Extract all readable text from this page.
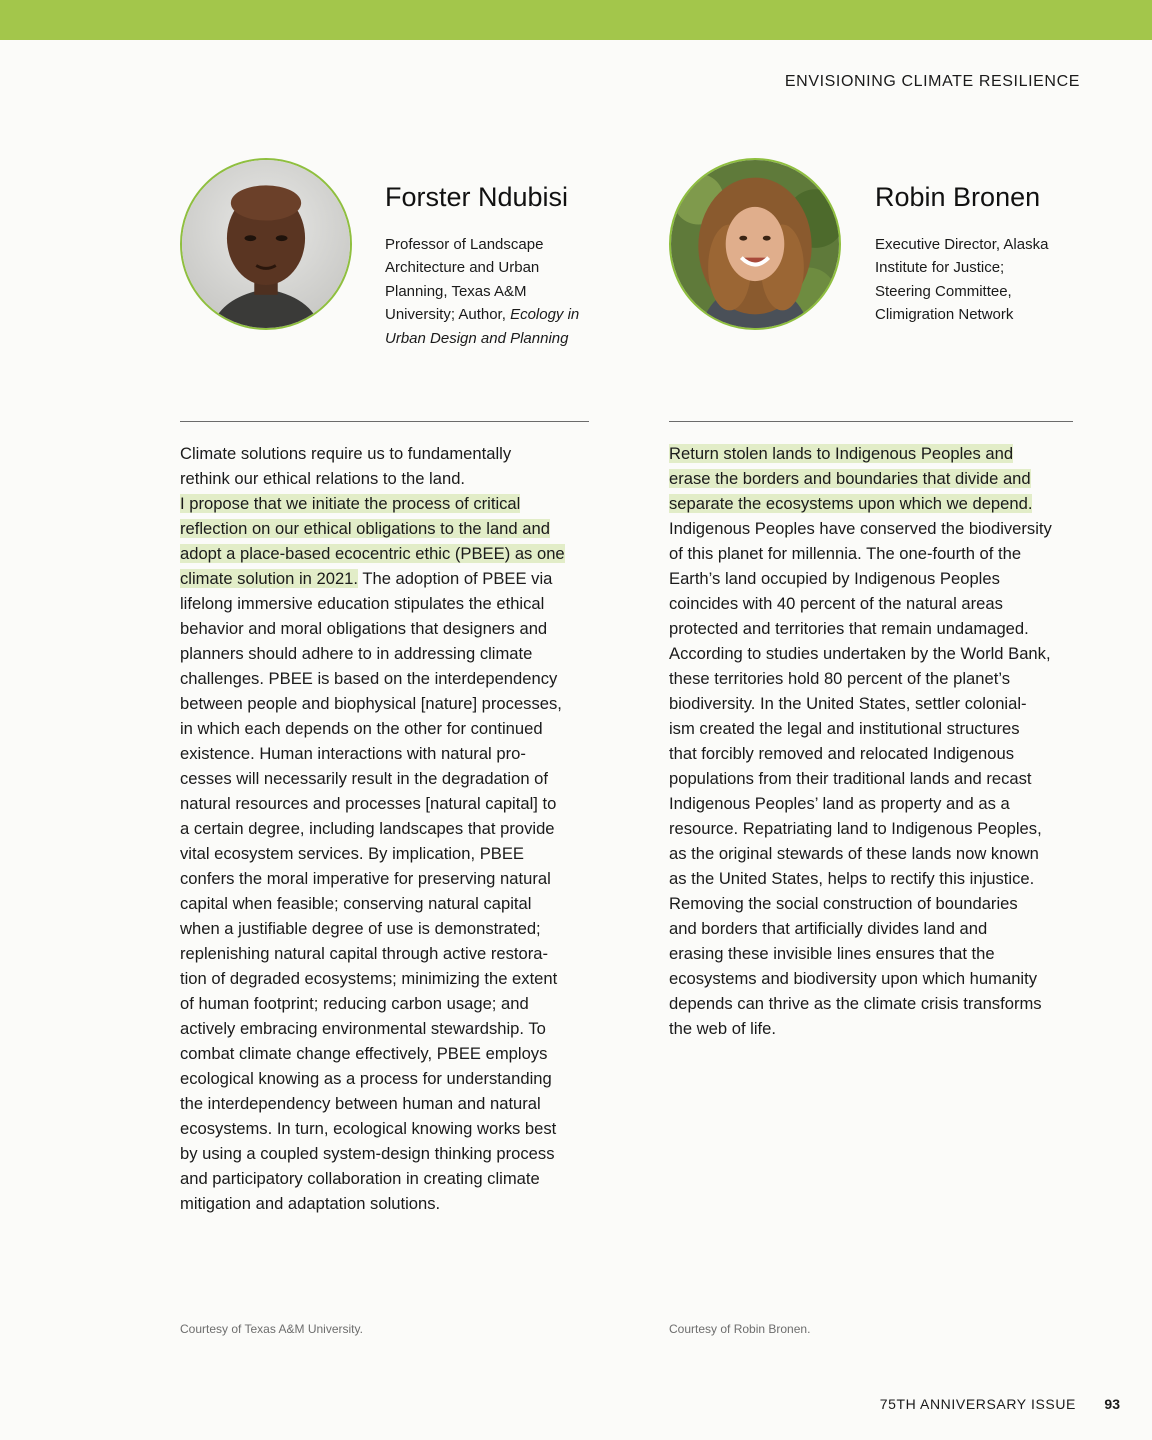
ENVISIONING CLIMATE RESILIENCE
Forster Ndubisi

Professor of Landscape
Architecture and Urban
Planning, Texas A&M
University; Author, Ecology in
Urban Design and Planning

Climate solutions require us to fundamentally
rethink our ethical relations to the land.
I propose that we initiate the process of critical
reflection on our ethical obligations to the land and
adopt a place-based ecocentric ethic (PBEE) as one
climate solution in 2021. The adoption of PBEE via
lifelong immersive education stipulates the ethical
behavior and moral obligations that designers and
planners should adhere to in addressing climate
challenges. PBEE is based on the interdependency
between people and biophysical [nature] processes,
in which each depends on the other for continued
existence. Human interactions with natural pro-
cesses will necessarily result in the degradation of
natural resources and processes [natural capital] to
a certain degree, including landscapes that provide
vital ecosystem services. By implication, PBEE
confers the moral imperative for preserving natural
capital when feasible; conserving natural capital
when a justifiable degree of use is demonstrated;
replenishing natural capital through active restora-
tion of degraded ecosystems; minimizing the extent
of human footprint; reducing carbon usage; and
actively embracing environmental stewardship. To
combat climate change effectively, PBEE employs
ecological knowing as a process for understanding
the interdependency between human and natural
ecosystems. In turn, ecological knowing works best
by using a coupled system-design thinking process
and participatory collaboration in creating climate
mitigation and adaptation solutions.

Courtesy of Texas A&M University.
Robin Bronen

Executive Director, Alaska
Institute for Justice;
Steering Committee,
Climigration Network

Return stolen lands to Indigenous Peoples and
erase the borders and boundaries that divide and
separate the ecosystems upon which we depend.
Indigenous Peoples have conserved the biodiversity
of this planet for millennia. The one-fourth of the
Earth’s land occupied by Indigenous Peoples
coincides with 40 percent of the natural areas
protected and territories that remain undamaged.
According to studies undertaken by the World Bank,
these territories hold 80 percent of the planet’s
biodiversity. In the United States, settler colonial-
ism created the legal and institutional structures
that forcibly removed and relocated Indigenous
populations from their traditional lands and recast
Indigenous Peoples’ land as property and as a
resource. Repatriating land to Indigenous Peoples,
as the original stewards of these lands now known
as the United States, helps to rectify this injustice.
Removing the social construction of boundaries
and borders that artificially divides land and
erasing these invisible lines ensures that the
ecosystems and biodiversity upon which humanity
depends can thrive as the climate crisis transforms
the web of life.

Courtesy of Robin Bronen.
75TH ANNIVERSARY ISSUE 93
